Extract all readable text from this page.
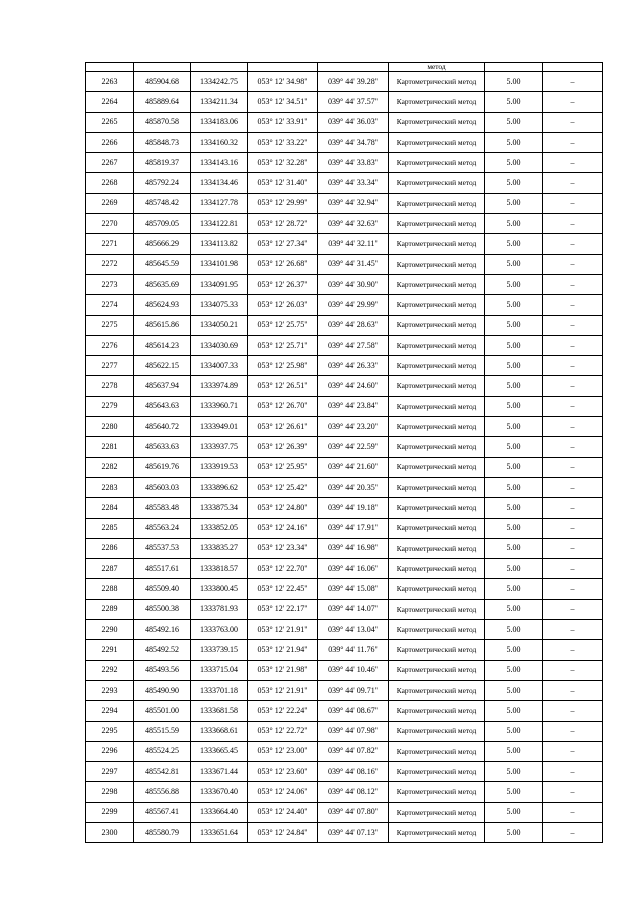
					метод		
2263	485904.68	1334242.75	053° 12' 34.98"	039° 44' 39.28"	Картометрический метод	5.00	–
2264	485889.64	1334211.34	053° 12' 34.51"	039° 44' 37.57"	Картометрический метод	5.00	–
2265	485870.58	1334183.06	053° 12' 33.91"	039° 44' 36.03"	Картометрический метод	5.00	–
2266	485848.73	1334160.32	053° 12' 33.22"	039° 44' 34.78"	Картометрический метод	5.00	–
2267	485819.37	1334143.16	053° 12' 32.28"	039° 44' 33.83"	Картометрический метод	5.00	–
2268	485792.24	1334134.46	053° 12' 31.40"	039° 44' 33.34"	Картометрический метод	5.00	–
2269	485748.42	1334127.78	053° 12' 29.99"	039° 44' 32.94"	Картометрический метод	5.00	–
2270	485709.05	1334122.81	053° 12' 28.72"	039° 44' 32.63"	Картометрический метод	5.00	–
2271	485666.29	1334113.82	053° 12' 27.34"	039° 44' 32.11"	Картометрический метод	5.00	–
2272	485645.59	1334101.98	053° 12' 26.68"	039° 44' 31.45"	Картометрический метод	5.00	–
2273	485635.69	1334091.95	053° 12' 26.37"	039° 44' 30.90"	Картометрический метод	5.00	–
2274	485624.93	1334075.33	053° 12' 26.03"	039° 44' 29.99"	Картометрический метод	5.00	–
2275	485615.86	1334050.21	053° 12' 25.75"	039° 44' 28.63"	Картометрический метод	5.00	–
2276	485614.23	1334030.69	053° 12' 25.71"	039° 44' 27.58"	Картометрический метод	5.00	–
2277	485622.15	1334007.33	053° 12' 25.98"	039° 44' 26.33"	Картометрический метод	5.00	–
2278	485637.94	1333974.89	053° 12' 26.51"	039° 44' 24.60"	Картометрический метод	5.00	–
2279	485643.63	1333960.71	053° 12' 26.70"	039° 44' 23.84"	Картометрический метод	5.00	–
2280	485640.72	1333949.01	053° 12' 26.61"	039° 44' 23.20"	Картометрический метод	5.00	–
2281	485633.63	1333937.75	053° 12' 26.39"	039° 44' 22.59"	Картометрический метод	5.00	–
2282	485619.76	1333919.53	053° 12' 25.95"	039° 44' 21.60"	Картометрический метод	5.00	–
2283	485603.03	1333896.62	053° 12' 25.42"	039° 44' 20.35"	Картометрический метод	5.00	–
2284	485583.48	1333875.34	053° 12' 24.80"	039° 44' 19.18"	Картометрический метод	5.00	–
2285	485563.24	1333852.05	053° 12' 24.16"	039° 44' 17.91"	Картометрический метод	5.00	–
2286	485537.53	1333835.27	053° 12' 23.34"	039° 44' 16.98"	Картометрический метод	5.00	–
2287	485517.61	1333818.57	053° 12' 22.70"	039° 44' 16.06"	Картометрический метод	5.00	–
2288	485509.40	1333800.45	053° 12' 22.45"	039° 44' 15.08"	Картометрический метод	5.00	–
2289	485500.38	1333781.93	053° 12' 22.17"	039° 44' 14.07"	Картометрический метод	5.00	–
2290	485492.16	1333763.00	053° 12' 21.91"	039° 44' 13.04"	Картометрический метод	5.00	–
2291	485492.52	1333739.15	053° 12' 21.94"	039° 44' 11.76"	Картометрический метод	5.00	–
2292	485493.56	1333715.04	053° 12' 21.98"	039° 44' 10.46"	Картометрический метод	5.00	–
2293	485490.90	1333701.18	053° 12' 21.91"	039° 44' 09.71"	Картометрический метод	5.00	–
2294	485501.00	1333681.58	053° 12' 22.24"	039° 44' 08.67"	Картометрический метод	5.00	–
2295	485515.59	1333668.61	053° 12' 22.72"	039° 44' 07.98"	Картометрический метод	5.00	–
2296	485524.25	1333665.45	053° 12' 23.00"	039° 44' 07.82"	Картометрический метод	5.00	–
2297	485542.81	1333671.44	053° 12' 23.60"	039° 44' 08.16"	Картометрический метод	5.00	–
2298	485556.88	1333670.40	053° 12' 24.06"	039° 44' 08.12"	Картометрический метод	5.00	–
2299	485567.41	1333664.40	053° 12' 24.40"	039° 44' 07.80"	Картометрический метод	5.00	–
2300	485580.79	1333651.64	053° 12' 24.84"	039° 44' 07.13"	Картометрический метод	5.00	–
